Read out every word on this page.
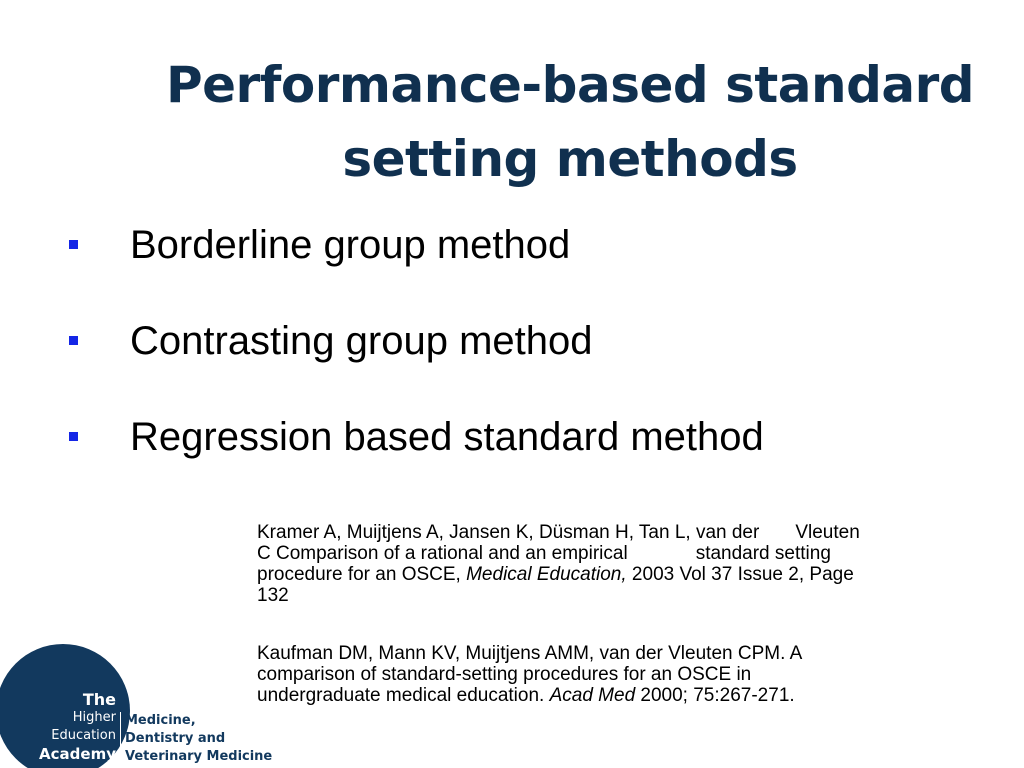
Performance-based standard
setting methods
Borderline group method
Contrasting group method
Regression based standard method
Kramer A, Muijtjens A, Jansen K, Düsman H, Tan L, van der Vleuten
C Comparison of a rational and an empirical	standard setting
procedure for an OSCE, Medical Education, 2003 Vol 37 Issue 2, Page
132
Kaufman DM, Mann KV, Muijtjens AMM, van der Vleuten CPM. A
comparison of standard-setting procedures for an OSCE in
undergraduate medical education. Acad Med 2000; 75:267-271.
The
Higher
Education
Academy
Medicine,
Dentistry and
Veterinary Medicine
